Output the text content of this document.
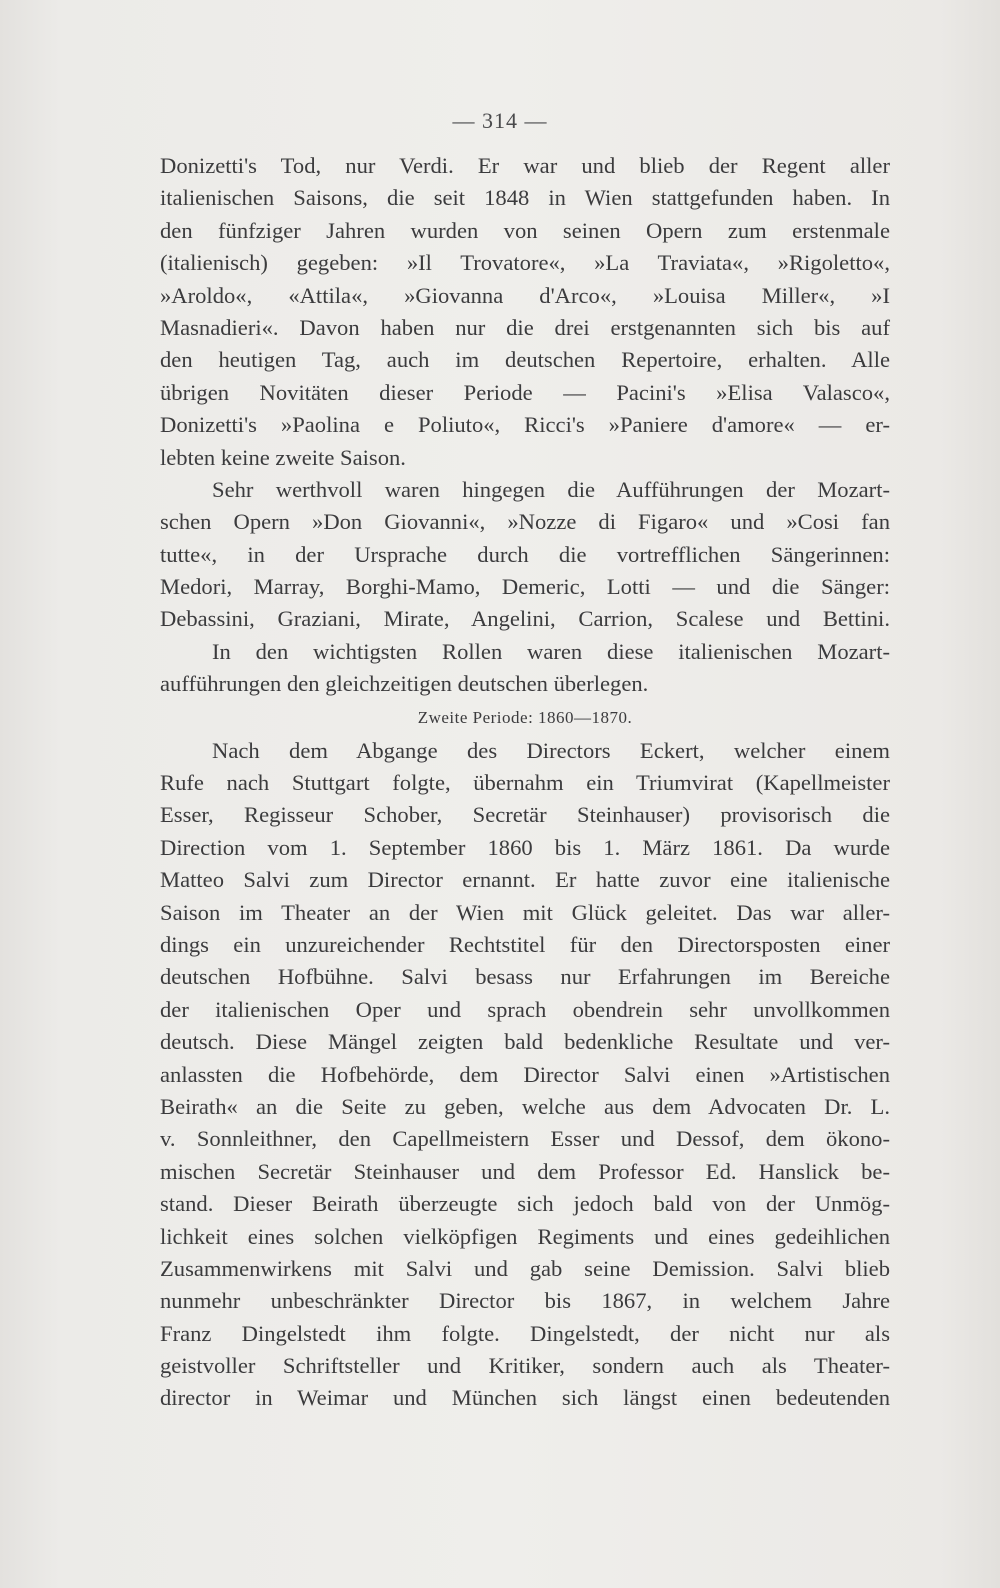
— 314 —
Donizetti's Tod, nur Verdi. Er war und blieb der Regent aller
italienischen Saisons, die seit 1848 in Wien stattgefunden haben. In
den fünfziger Jahren wurden von seinen Opern zum erstenmale
(italienisch) gegeben: »Il Trovatore«, »La Traviata«, »Rigoletto«,
»Aroldo«, «Attila«, »Giovanna d'Arco«, »Louisa Miller«, »I
Masnadieri«. Davon haben nur die drei erstgenannten sich bis auf
den heutigen Tag, auch im deutschen Repertoire, erhalten. Alle
übrigen Novitäten dieser Periode — Pacini's »Elisa Valasco«,
Donizetti's »Paolina e Poliuto«, Ricci's »Paniere d'amore« — er-
lebten keine zweite Saison.
Sehr werthvoll waren hingegen die Aufführungen der Mozart-
schen Opern »Don Giovanni«, »Nozze di Figaro« und »Cosi fan
tutte«, in der Ursprache durch die vortrefflichen Sängerinnen:
Medori, Marray, Borghi-Mamo, Demeric, Lotti — und die Sänger:
Debassini, Graziani, Mirate, Angelini, Carrion, Scalese und Bettini.
In den wichtigsten Rollen waren diese italienischen Mozart-
aufführungen den gleichzeitigen deutschen überlegen.
Zweite Periode: 1860—1870.
Nach dem Abgange des Directors Eckert, welcher einem
Rufe nach Stuttgart folgte, übernahm ein Triumvirat (Kapellmeister
Esser, Regisseur Schober, Secretär Steinhauser) provisorisch die
Direction vom 1. September 1860 bis 1. März 1861. Da wurde
Matteo Salvi zum Director ernannt. Er hatte zuvor eine italienische
Saison im Theater an der Wien mit Glück geleitet. Das war aller-
dings ein unzureichender Rechtstitel für den Directorsposten einer
deutschen Hofbühne. Salvi besass nur Erfahrungen im Bereiche
der italienischen Oper und sprach obendrein sehr unvollkommen
deutsch. Diese Mängel zeigten bald bedenkliche Resultate und ver-
anlassten die Hofbehörde, dem Director Salvi einen »Artistischen
Beirath« an die Seite zu geben, welche aus dem Advocaten Dr. L.
v. Sonnleithner, den Capellmeistern Esser und Dessof, dem ökono-
mischen Secretär Steinhauser und dem Professor Ed. Hanslick be-
stand. Dieser Beirath überzeugte sich jedoch bald von der Unmög-
lichkeit eines solchen vielköpfigen Regiments und eines gedeihlichen
Zusammenwirkens mit Salvi und gab seine Demission. Salvi blieb
nunmehr unbeschränkter Director bis 1867, in welchem Jahre
Franz Dingelstedt ihm folgte. Dingelstedt, der nicht nur als
geistvoller Schriftsteller und Kritiker, sondern auch als Theater-
director in Weimar und München sich längst einen bedeutenden
